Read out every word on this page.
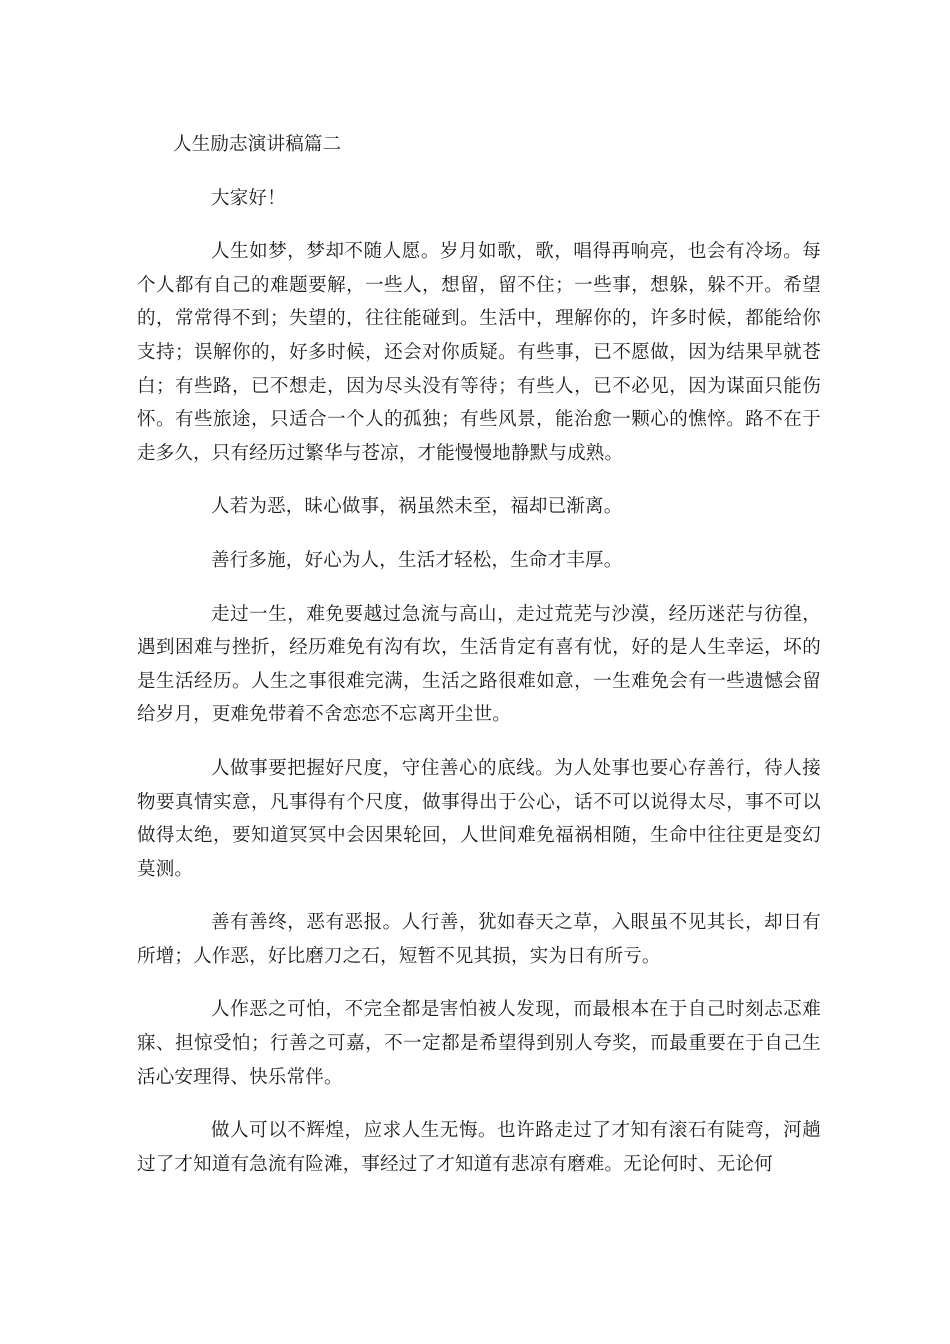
人生励志演讲稿篇二

大家好！

人生如梦，梦却不随人愿。岁月如歌，歌，唱得再响亮，也会有冷场。每个人都有自己的难题要解，一些人，想留，留不住；一些事，想躲，躲不开。希望的，常常得不到；失望的，往往能碰到。生活中，理解你的，许多时候，都能给你支持；误解你的，好多时候，还会对你质疑。有些事，已不愿做，因为结果早就苍白；有些路，已不想走，因为尽头没有等待；有些人，已不必见，因为谋面只能伤怀。有些旅途，只适合一个人的孤独；有些风景，能治愈一颗心的憔悴。路不在于走多久，只有经历过繁华与苍凉，才能慢慢地静默与成熟。

人若为恶，昧心做事，祸虽然未至，福却已渐离。

善行多施，好心为人，生活才轻松，生命才丰厚。

走过一生，难免要越过急流与高山，走过荒芜与沙漠，经历迷茫与彷徨，遇到困难与挫折，经历难免有沟有坎，生活肯定有喜有忧，好的是人生幸运，坏的是生活经历。人生之事很难完满，生活之路很难如意，一生难免会有一些遗憾会留给岁月，更难免带着不舍恋恋不忘离开尘世。

人做事要把握好尺度，守住善心的底线。为人处事也要心存善行，待人接物要真情实意，凡事得有个尺度，做事得出于公心，话不可以说得太尽，事不可以做得太绝，要知道冥冥中会因果轮回，人世间难免福祸相随，生命中往往更是变幻莫测。

善有善终，恶有恶报。人行善，犹如春天之草，入眼虽不见其长，却日有所增；人作恶，好比磨刀之石，短暂不见其损，实为日有所亏。

人作恶之可怕，不完全都是害怕被人发现，而最根本在于自己时刻忐忑难寐、担惊受怕；行善之可嘉，不一定都是希望得到别人夸奖，而最重要在于自己生活心安理得、快乐常伴。

做人可以不辉煌，应求人生无悔。也许路走过了才知有滚石有陡弯，河趟过了才知道有急流有险滩，事经过了才知道有悲凉有磨难。无论何时、无论何
